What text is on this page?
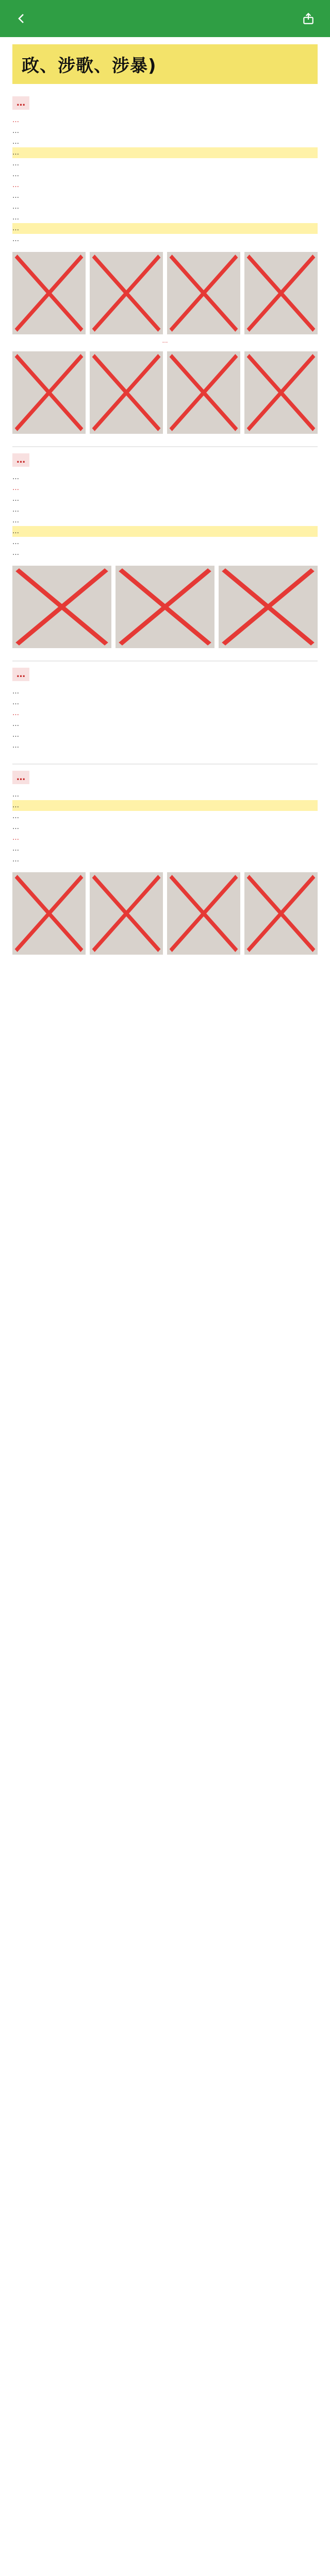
政、涉歌、涉暴)
…
…
…
…
…
…
…
…
…
…
…
…
…
…
…
…
…
…
…
…
…
…
…
…
…
…
…
…
…
…
…
…
…
…
…
…
…
…
